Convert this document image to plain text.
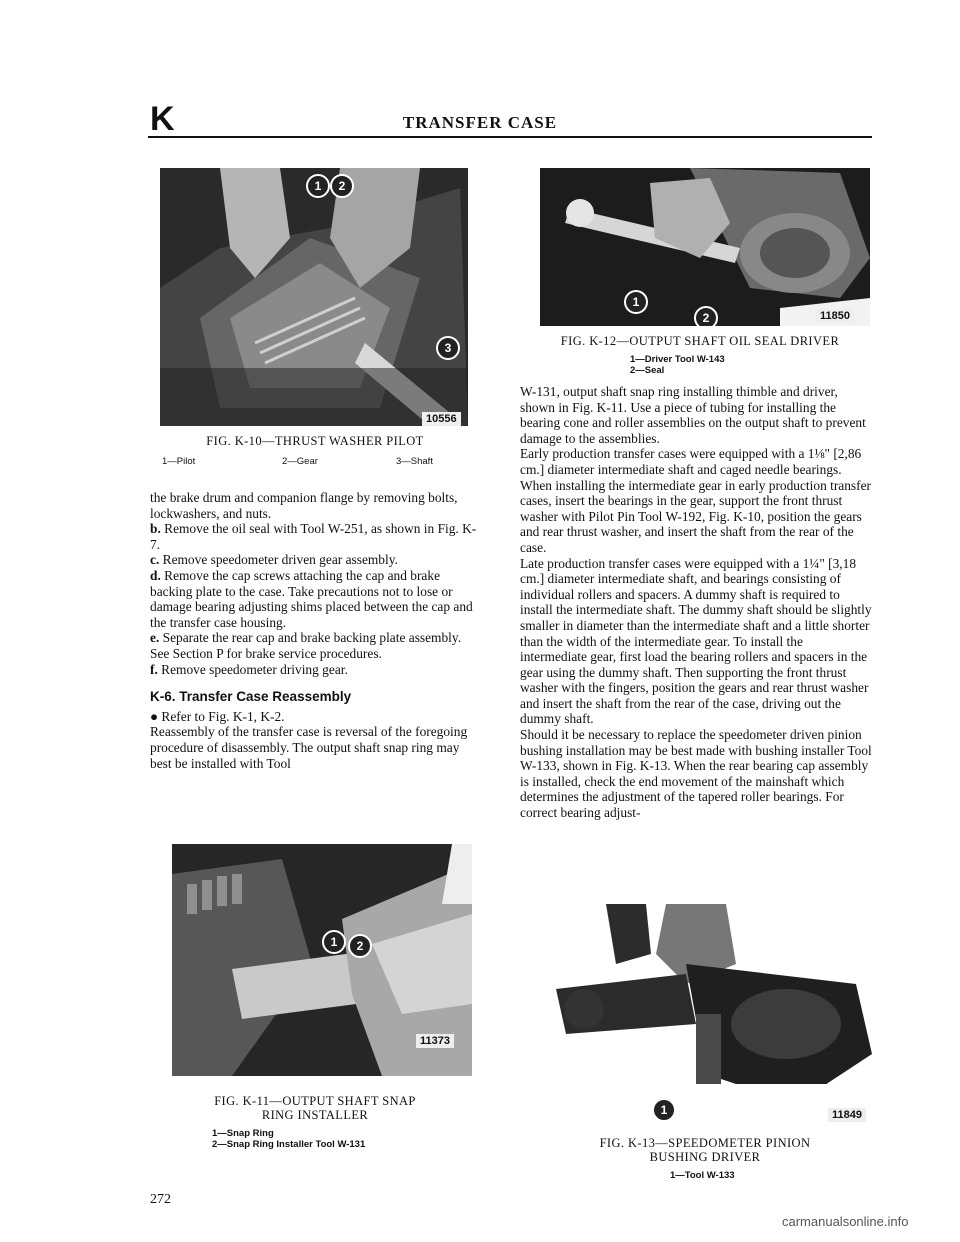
K	TRANSFER CASE
1	2
3
10556
FIG. K-10—THRUST WASHER PILOT
1—Pilot	2—Gear	3—Shaft

the brake drum and companion flange by removing bolts, lockwashers, and nuts.

b. Remove the oil seal with Tool W-251, as shown in Fig. K-7.

c. Remove speedometer driven gear assembly.

d. Remove the cap screws attaching the cap and brake backing plate to the case. Take precautions not to lose or damage bearing adjusting shims placed between the cap and the transfer case housing.

e. Separate the rear cap and brake backing plate assembly. See Section P for brake service procedures.

f. Remove speedometer driving gear.

K-6. Transfer Case Reassembly

● Refer to Fig. K-1, K-2.

Reassembly of the transfer case is reversal of the foregoing procedure of disassembly. The output shaft snap ring may best be installed with Tool

1	2
11373
FIG. K-11—OUTPUT SHAFT SNAP
RING INSTALLER
1—Snap Ring
2—Snap Ring Installer Tool W-131
1
2	11850
FIG. K-12—OUTPUT SHAFT OIL SEAL DRIVER
1—Driver Tool W-143
2—Seal

W-131, output shaft snap ring installing thimble and driver, shown in Fig. K-11. Use a piece of tubing for installing the bearing cone and roller assemblies on the output shaft to prevent damage to the assemblies.

Early production transfer cases were equipped with a 1⅛" [2,86 cm.] diameter intermediate shaft and caged needle bearings. When installing the intermediate gear in early production transfer cases, insert the bearings in the gear, support the front thrust washer with Pilot Pin Tool W-192, Fig. K-10, position the gears and rear thrust washer, and insert the shaft from the rear of the case.

Late production transfer cases were equipped with a 1¼" [3,18 cm.] diameter intermediate shaft, and bearings consisting of individual rollers and spacers. A dummy shaft is required to install the intermediate shaft. The dummy shaft should be slightly smaller in diameter than the intermediate shaft and a little shorter than the width of the intermediate gear. To install the intermediate gear, first load the bearing rollers and spacers in the gear using the dummy shaft. Then supporting the front thrust washer with the fingers, position the gears and rear thrust washer and insert the shaft from the rear of the case, driving out the dummy shaft.

Should it be necessary to replace the speedometer driven pinion bushing installation may be best made with bushing installer Tool W-133, shown in Fig. K-13. When the rear bearing cap assembly is installed, check the end movement of the mainshaft which determines the adjustment of the tapered roller bearings. For correct bearing adjust-

1	11849
FIG. K-13—SPEEDOMETER PINION
BUSHING DRIVER
1—Tool W-133
272
carmanualsonline.info
